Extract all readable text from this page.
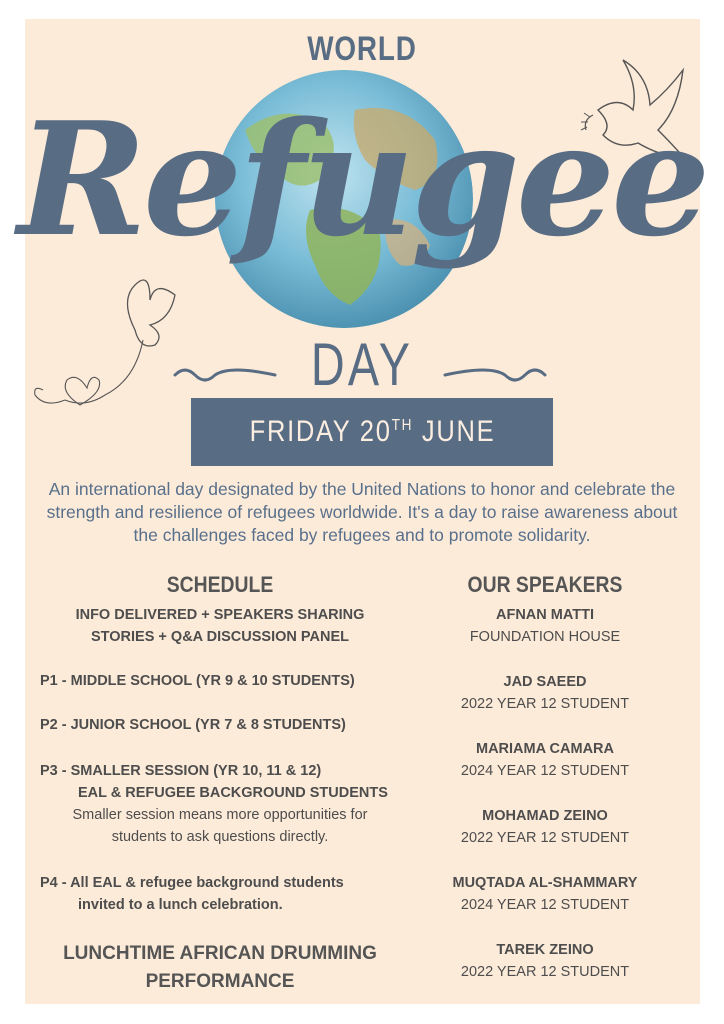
WORLD
Refugee
DAY
FRIDAY 20TH JUNE
An international day designated by the United Nations to honor and celebrate the strength and resilience of refugees worldwide. It's a day to raise awareness about the challenges faced by refugees and to promote solidarity.
SCHEDULE
INFO DELIVERED + SPEAKERS SHARING
STORIES + Q&A DISCUSSION PANEL
P1 - MIDDLE SCHOOL (YR 9 & 10 STUDENTS)
P2 - JUNIOR SCHOOL (YR 7 & 8 STUDENTS)
P3 - SMALLER SESSION (YR 10, 11 & 12)
EAL & REFUGEE BACKGROUND STUDENTS
Smaller session means more opportunities for
students to ask questions directly.
P4 - All EAL & refugee background students
invited to a lunch celebration.
LUNCHTIME AFRICAN DRUMMING
PERFORMANCE
OUR SPEAKERS
AFNAN MATTI
FOUNDATION HOUSE
JAD SAEED
2022 YEAR 12 STUDENT
MARIAMA CAMARA
2024 YEAR 12 STUDENT
MOHAMAD ZEINO
2022 YEAR 12 STUDENT
MUQTADA AL-SHAMMARY
2024 YEAR 12 STUDENT
TAREK ZEINO
2022 YEAR 12 STUDENT
